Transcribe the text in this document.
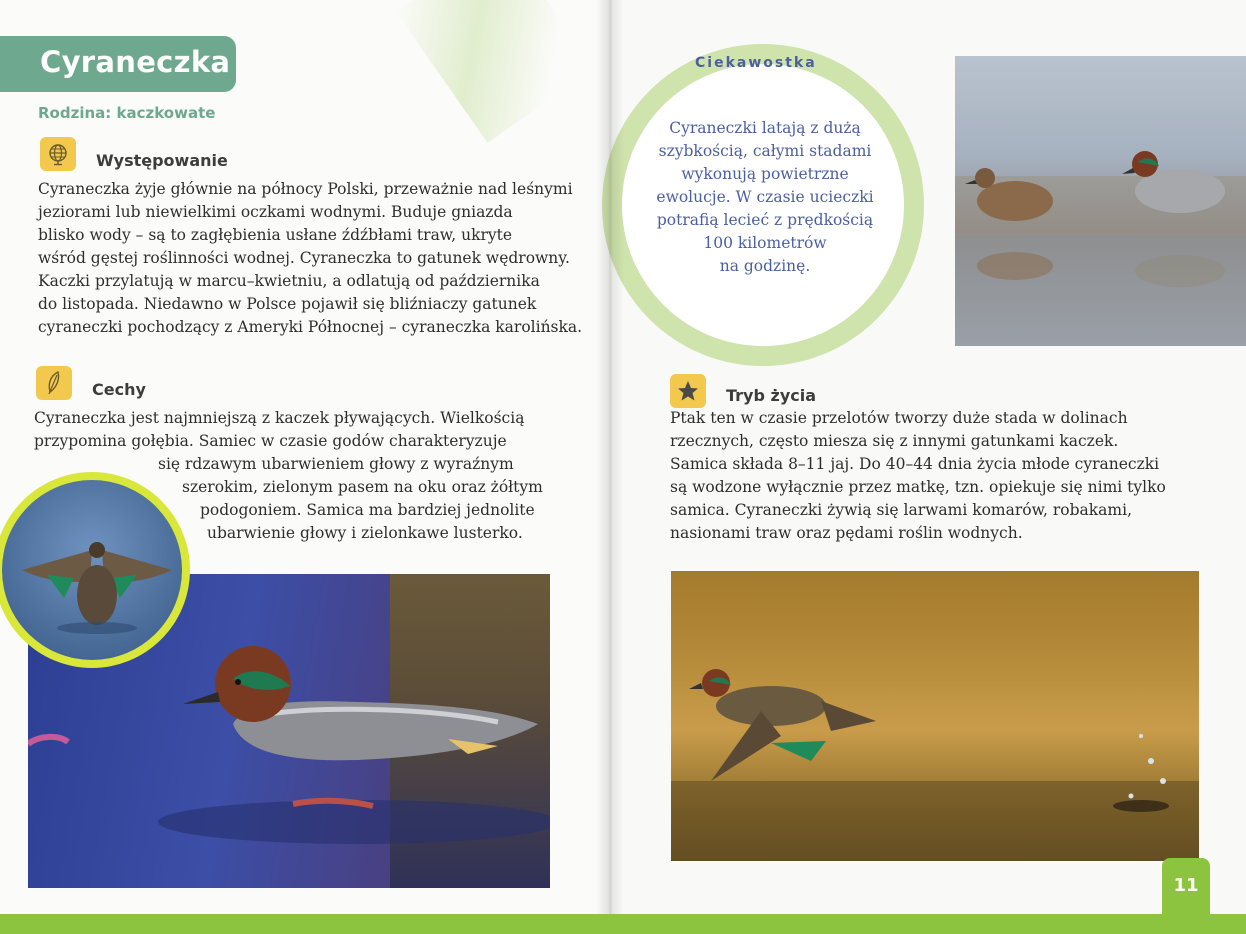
Cyraneczka
Rodzina: kaczkowate
Występowanie

Cyraneczka żyje głównie na północy Polski, przeważnie nad leśnymi
jeziorami lub niewielkimi oczkami wodnymi. Buduje gniazda
blisko wody – są to zagłębienia usłane źdźbłami traw, ukryte
wśród gęstej roślinności wodnej. Cyraneczka to gatunek wędrowny.
Kaczki przylatują w marcu–kwietniu, a odlatują od października
do listopada. Niedawno w Polsce pojawił się bliźniaczy gatunek
cyraneczki pochodzący z Ameryki Północnej – cyraneczka karolińska.

Cechy

Cyraneczka jest najmniejszą z kaczek pływających. Wielkością
przypomina gołębia. Samiec w czasie godów charakteryzuje
się rdzawym ubarwieniem głowy z wyraźnym
szerokim, zielonym pasem na oku oraz żółtym
podogoniem. Samica ma bardziej jednolite
ubarwienie głowy i zielonkawe lusterko.

Ciekawostka

Cyraneczki latają z dużą
szybkością, całymi stadami
wykonują powietrzne
ewolucje. W czasie ucieczki
potrafią lecieć z prędkością
100 kilometrów
na godzinę.

Tryb życia

Ptak ten w czasie przelotów tworzy duże stada w dolinach
rzecznych, często miesza się z innymi gatunkami kaczek.
Samica składa 8–11 jaj. Do 40–44 dnia życia młode cyraneczki
są wodzone wyłącznie przez matkę, tzn. opiekuje się nimi tylko
samica. Cyraneczki żywią się larwami komarów, robakami,
nasionami traw oraz pędami roślin wodnych.

11
